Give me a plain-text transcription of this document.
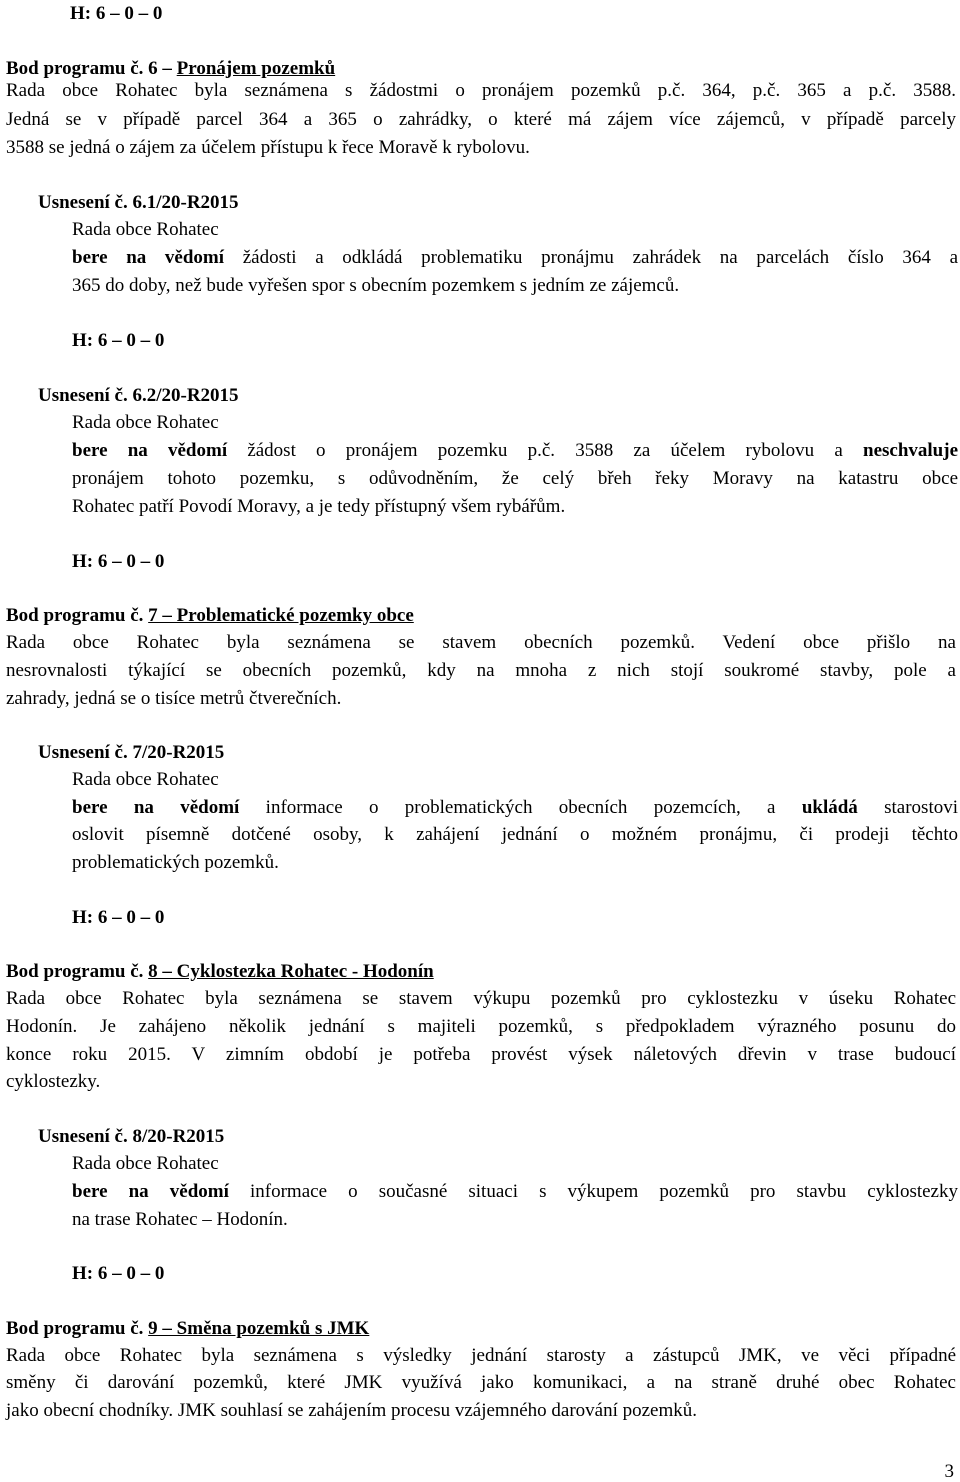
H: 6 – 0 – 0
Bod programu č. 6 – Pronájem pozemků
Rada obce Rohatec byla seznámena s žádostmi o pronájem pozemků p.č. 364, p.č. 365 a p.č. 3588.
Jedná se v případě parcel 364 a 365 o zahrádky, o které má zájem více zájemců, v případě parcely
3588 se jedná o zájem za účelem přístupu k řece Moravě k rybolovu.
Usnesení č. 6.1/20-R2015
Rada obce Rohatec
bere na vědomí žádosti a odkládá problematiku pronájmu zahrádek na parcelách číslo 364 a
365 do doby, než bude vyřešen spor s obecním pozemkem s jedním ze zájemců.
H: 6 – 0 – 0
Usnesení č. 6.2/20-R2015
Rada obce Rohatec
bere na vědomí žádost o pronájem pozemku p.č. 3588 za účelem rybolovu a neschvaluje
pronájem tohoto pozemku, s odůvodněním, že celý břeh řeky Moravy na katastru obce
Rohatec patří Povodí Moravy, a je tedy přístupný všem rybářům.
H: 6 – 0 – 0
Bod programu č. 7 – Problematické pozemky obce
Rada obce Rohatec byla seznámena se stavem obecních pozemků. Vedení obce přišlo na
nesrovnalosti týkající se obecních pozemků, kdy na mnoha z nich stojí soukromé stavby, pole a
zahrady, jedná se o tisíce metrů čtverečních.
Usnesení č. 7/20-R2015
Rada obce Rohatec
bere na vědomí informace o problematických obecních pozemcích, a ukládá starostovi
oslovit písemně dotčené osoby, k zahájení jednání o možném pronájmu, či prodeji těchto
problematických pozemků.
H: 6 – 0 – 0
Bod programu č. 8 – Cyklostezka Rohatec - Hodonín
Rada obce Rohatec byla seznámena se stavem výkupu pozemků pro cyklostezku v úseku Rohatec
Hodonín. Je zahájeno několik jednání s majiteli pozemků, s předpokladem výrazného posunu do
konce roku 2015. V zimním období je potřeba provést výsek náletových dřevin v trase budoucí
cyklostezky.
Usnesení č. 8/20-R2015
Rada obce Rohatec
bere na vědomí informace o současné situaci s výkupem pozemků pro stavbu cyklostezky
na trase Rohatec – Hodonín.
H: 6 – 0 – 0
Bod programu č. 9 – Směna pozemků s JMK
Rada obce Rohatec byla seznámena s výsledky jednání starosty a zástupců JMK, ve věci případné
směny či darování pozemků, které JMK využívá jako komunikaci, a na straně druhé obec Rohatec
jako obecní chodníky. JMK souhlasí se zahájením procesu vzájemného darování pozemků.
3
